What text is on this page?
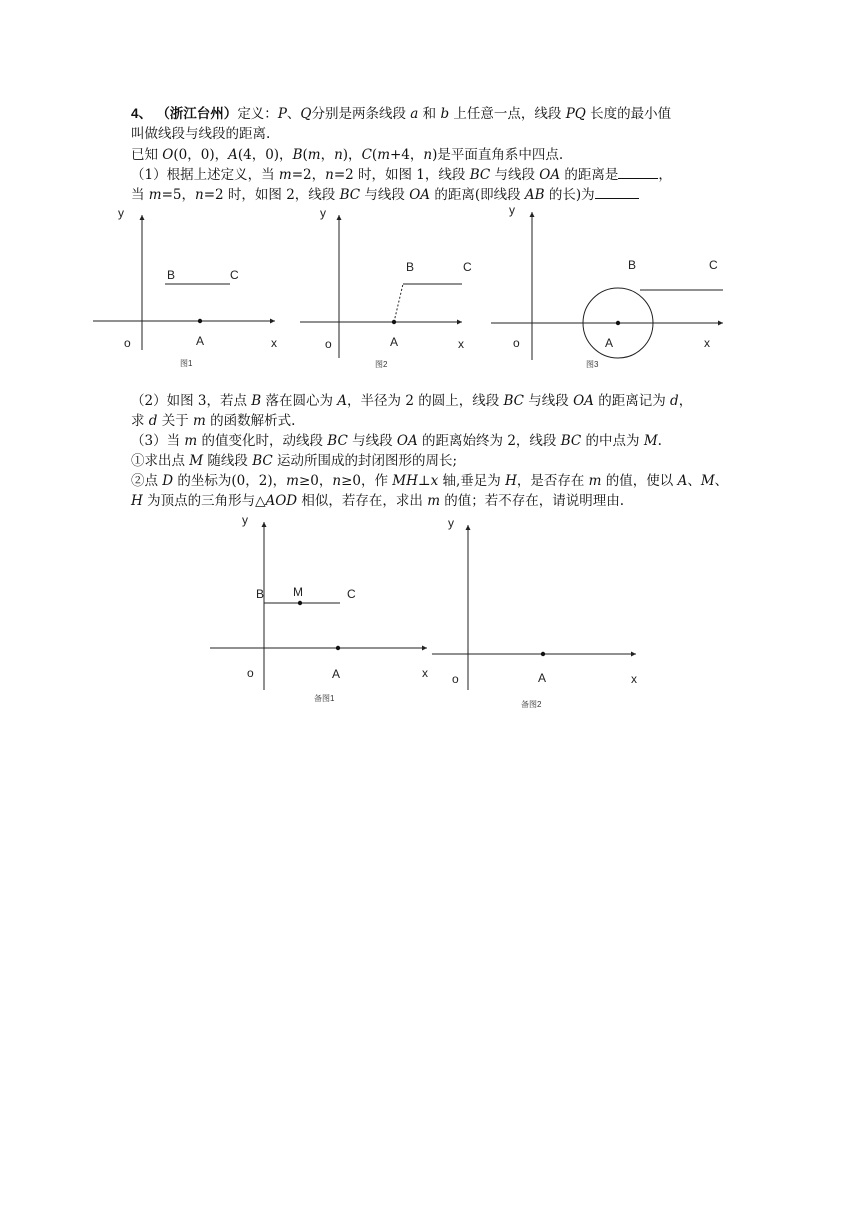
4、 （浙江台州）定义：P、Q分别是两条线段 a 和 b 上任意一点，线段 PQ 长度的最小值
叫做线段与线段的距离.
已知 O(0，0)，A(4，0)，B(m，n)，C(m+4，n)是平面直角系中四点.
（1）根据上述定义，当 m=2，n=2 时，如图 1，线段 BC 与线段 OA 的距离是	，
当 m=5，n=2 时，如图 2，线段 BC 与线段 OA 的距离(即线段 AB 的长)为
（2）如图 3，若点 B 落在圆心为 A，半径为 2 的圆上，线段 BC 与线段 OA 的距离记为 d，
求 d 关于 m 的函数解析式.
（3）当 m 的值变化时，动线段 BC 与线段 OA 的距离始终为 2，线段 BC 的中点为 M.
①求出点 M 随线段 BC 运动所围成的封闭图形的周长;
②点 D 的坐标为(0，2)，m≥0，n≥0，作 MH⊥x 轴,垂足为 H，是否存在 m 的值，使以 A、M、
H 为顶点的三角形与△AOD 相似，若存在，求出 m 的值；若不存在，请说明理由.
y
x
o	A
B	C
图1
y
x
o	A
B	C
图2
y
x
o	A
B	C
图3
y
x
o	A
B M	C
备图1
y
x
o	A
备图2
